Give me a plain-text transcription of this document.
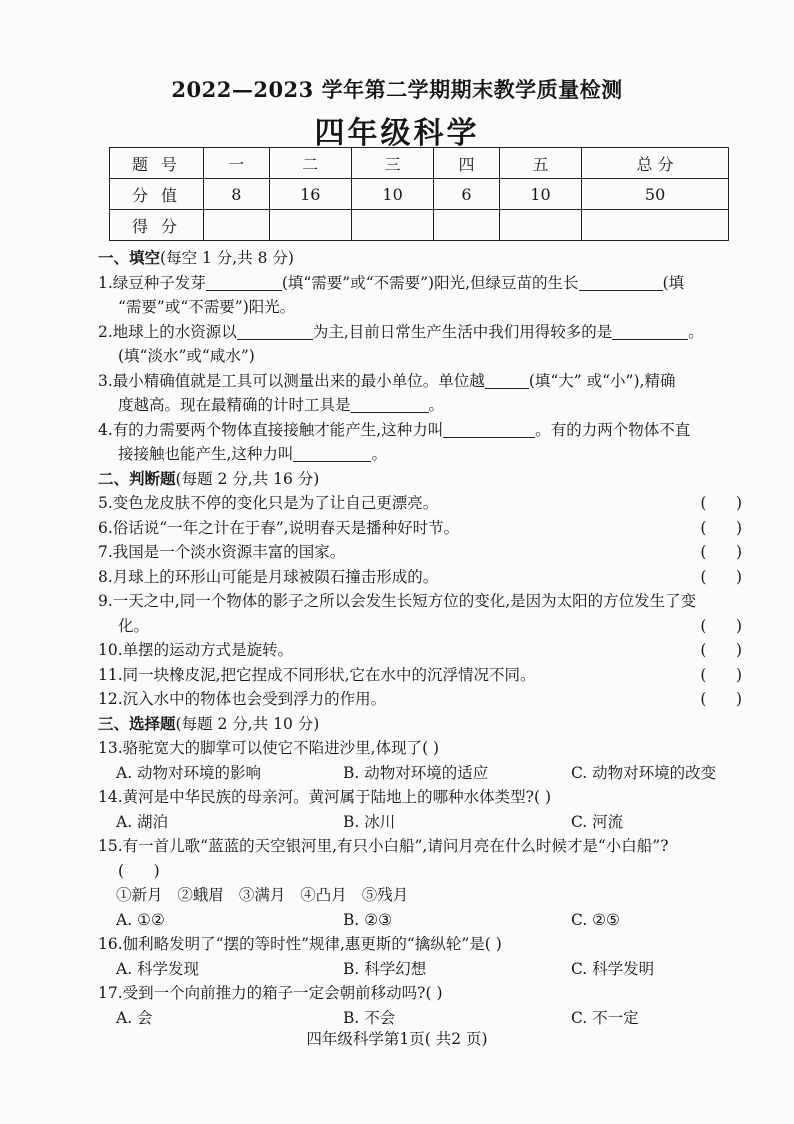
2022—2023 学年第二学期期末教学质量检测
四年级科学
题 号	一	二	三	四	五	总 分
分 值	8	16	10	6	10	50
得 分						
一、填空(每空 1 分,共 8 分)
1. 绿豆种子发芽	(填“需要”或“不需要”)阳光,但绿豆苗的生长	(填
“需要”或“不需要”)阳光。
2. 地球上的水资源以	为主,目前日常生产生活中我们用得较多的是	。
(填“淡水”或“咸水”)
3. 最小精确值就是工具可以测量出来的最小单位。单位越	(填“大” 或“小”),精确
度越高。现在最精确的计时工具是	。
4. 有的力需要两个物体直接接触才能产生,这种力叫	。有的力两个物体不直
接接触也能产生,这种力叫	。
二、判断题(每题 2 分,共 16 分)
5.变色龙皮肤不停的变化只是为了让自己更漂亮。	(      )
6.俗话说“一年之计在于春”,说明春天是播种好时节。	(      )
7.我国是一个淡水资源丰富的国家。	(      )
8.月球上的环形山可能是月球被陨石撞击形成的。	(      )
9. 一天之中,同一个物体的影子之所以会发生长短方位的变化,是因为太阳的方位发生了变
化。	(      )
10.单摆的运动方式是旋转。	(      )
11.同一块橡皮泥,把它捏成不同形状,它在水中的沉浮情况不同。	(      )
12.沉入水中的物体也会受到浮力的作用。	(      )
三、选择题(每题 2 分,共 10 分)
13. 骆驼宽大的脚掌可以使它不陷进沙里,体现了( )
A. 动物对环境的影响	B. 动物对环境的适应	C. 动物对环境的改变
14. 黄河是中华民族的母亲河。黄河属于陆地上的哪种水体类型?( )
A. 湖泊	B. 冰川	C. 河流
15. 有一首儿歌“蓝蓝的天空银河里,有只小白船”,请问月亮在什么时候才是“小白船”?
(      )
①新月 ②蛾眉 ③满月 ④凸月 ⑤残月
A. ①②	B. ②③	C. ②⑤
16. 伽利略发明了“摆的等时性”规律,惠更斯的“擒纵轮”是( )
A. 科学发现	B. 科学幻想	C. 科学发明
17. 受到一个向前推力的箱子一定会朝前移动吗?( )
A. 会	B. 不会	C. 不一定
四年级科学第1页( 共2 页)
